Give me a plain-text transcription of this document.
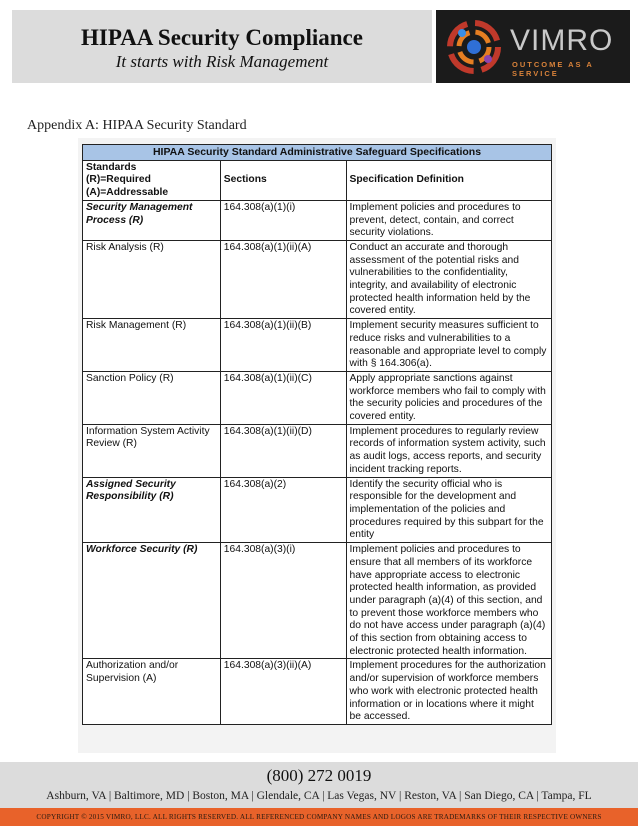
HIPAA Security Compliance
It starts with Risk Management
VIMRO
OUTCOME AS A SERVICE
Appendix A: HIPAA Security Standard
HIPAA Security Standard Administrative Safeguard Specifications		

Standards
(R)=Required
(A)=Addressable	Sections	Specification Definition
Security Management Process (R)	164.308(a)(1)(i)	Implement policies and procedures to prevent, detect, contain, and correct security violations.
Risk Analysis (R)	164.308(a)(1)(ii)(A)	Conduct an accurate and thorough assessment of the potential risks and vulnerabilities to the confidentiality, integrity, and availability of electronic protected health information held by the covered entity.
Risk Management (R)	164.308(a)(1)(ii)(B)	Implement security measures sufficient to reduce risks and vulnerabilities to a reasonable and appropriate level to comply with § 164.306(a).
Sanction Policy (R)	164.308(a)(1)(ii)(C)	Apply appropriate sanctions against workforce members who fail to comply with the security policies and procedures of the covered entity.
Information System Activity Review (R)	164.308(a)(1)(ii)(D)	Implement procedures to regularly review records of information system activity, such as audit logs, access reports, and security incident tracking reports.
Assigned Security Responsibility (R)	164.308(a)(2)	Identify the security official who is responsible for the development and implementation of the policies and procedures required by this subpart for the entity
Workforce Security (R)	164.308(a)(3)(i)	Implement policies and procedures to ensure that all members of its workforce have appropriate access to electronic protected health information, as provided under paragraph (a)(4) of this section, and to prevent those workforce members who do not have access under paragraph (a)(4) of this section from obtaining access to electronic protected health information.
Authorization and/or Supervision (A)	164.308(a)(3)(ii)(A)	Implement procedures for the authorization and/or supervision of workforce members who work with electronic protected health information or in locations where it might be accessed.
(800) 272 0019
Ashburn, VA | Baltimore, MD | Boston, MA | Glendale, CA | Las Vegas, NV | Reston, VA | San Diego, CA | Tampa, FL
COPYRIGHT © 2015 VIMRO, LLC. ALL RIGHTS RESERVED. ALL REFERENCED COMPANY NAMES AND LOGOS ARE TRADEMARKS OF THEIR RESPECTIVE OWNERS
